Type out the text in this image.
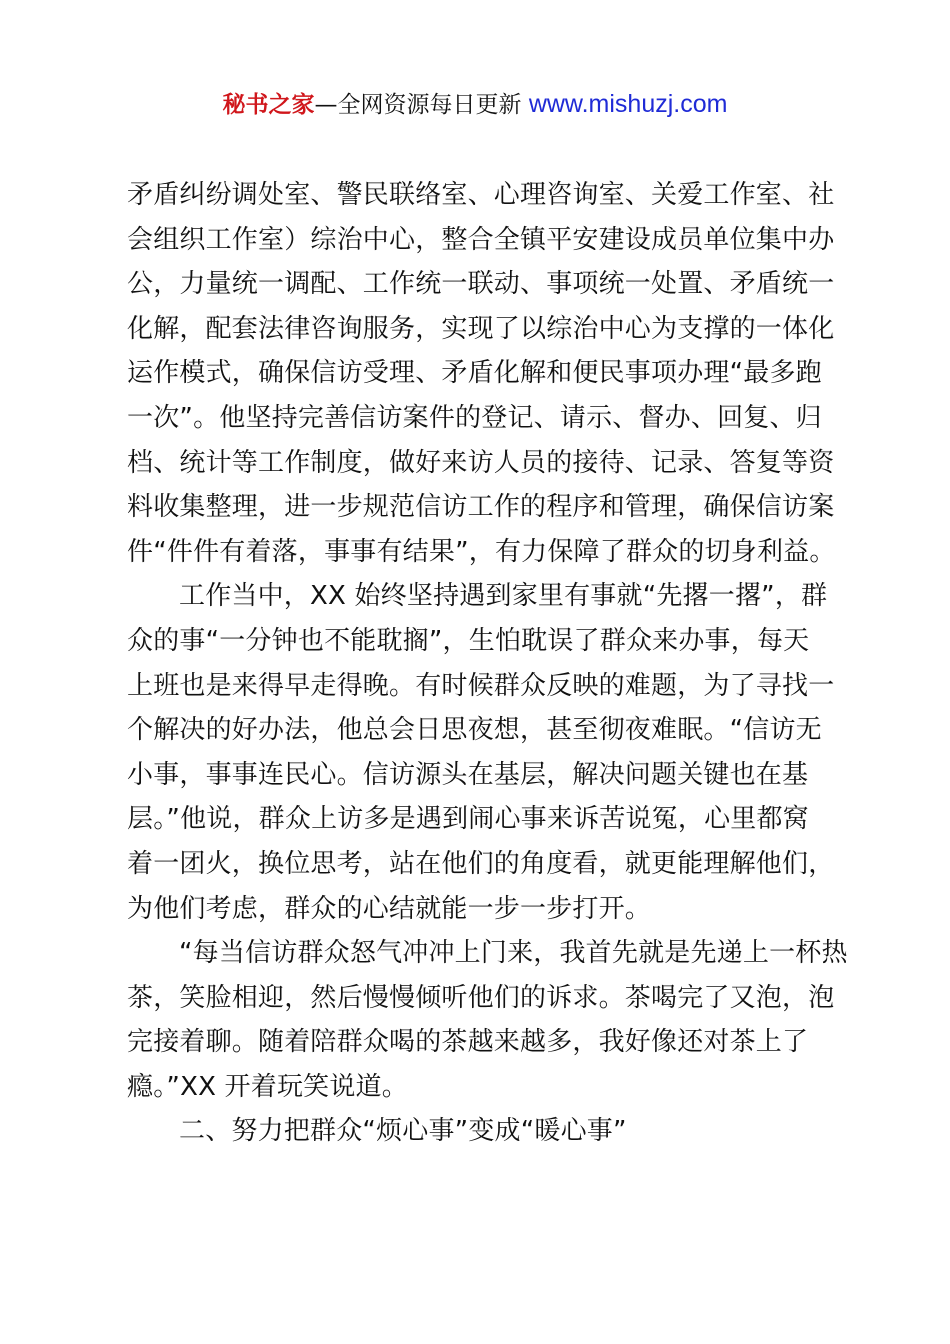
秘书之家—全网资源每日更新 www.mishuzj.com
矛盾纠纷调处室、警民联络室、心理咨询室、关爱工作室、社
会组织工作室）综治中心，整合全镇平安建设成员单位集中办
公，力量统一调配、工作统一联动、事项统一处置、矛盾统一
化解，配套法律咨询服务，实现了以综治中心为支撑的一体化
运作模式，确保信访受理、矛盾化解和便民事项办理“最多跑
一次”。他坚持完善信访案件的登记、请示、督办、回复、归
档、统计等工作制度，做好来访人员的接待、记录、答复等资
料收集整理，进一步规范信访工作的程序和管理，确保信访案
件“件件有着落，事事有结果”，有力保障了群众的切身利益。
工作当中，XX 始终坚持遇到家里有事就“先撂一撂”，群
众的事“一分钟也不能耽搁”，生怕耽误了群众来办事，每天
上班也是来得早走得晚。有时候群众反映的难题，为了寻找一
个解决的好办法，他总会日思夜想，甚至彻夜难眠。“信访无
小事，事事连民心。信访源头在基层，解决问题关键也在基
层。”他说，群众上访多是遇到闹心事来诉苦说冤，心里都窝
着一团火，换位思考，站在他们的角度看，就更能理解他们，
为他们考虑，群众的心结就能一步一步打开。
“每当信访群众怒气冲冲上门来，我首先就是先递上一杯热
茶，笑脸相迎，然后慢慢倾听他们的诉求。茶喝完了又泡，泡
完接着聊。随着陪群众喝的茶越来越多，我好像还对茶上了
瘾。”XX 开着玩笑说道。
二、努力把群众“烦心事”变成“暖心事”
